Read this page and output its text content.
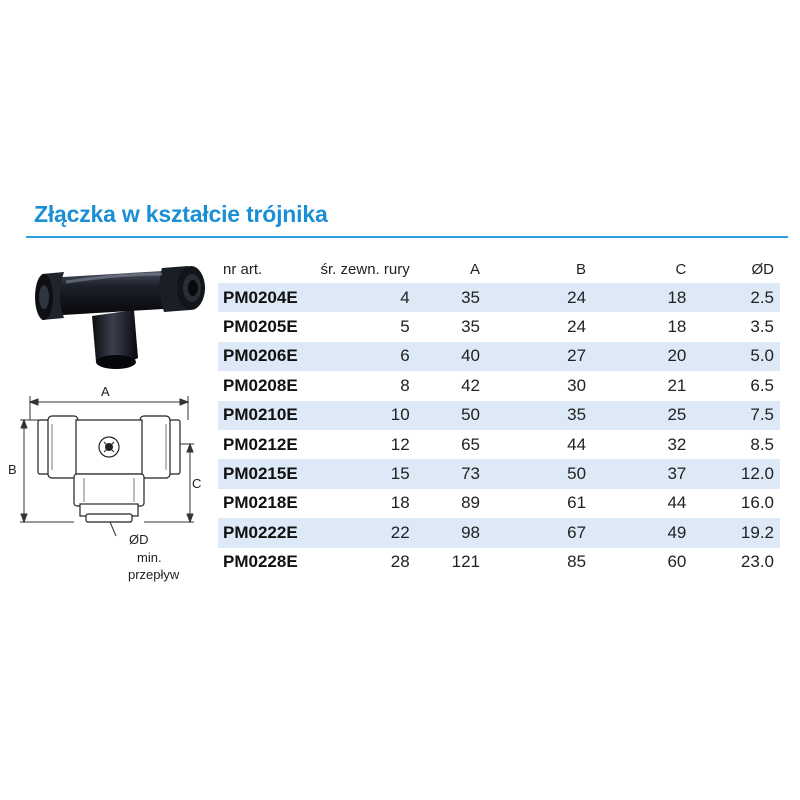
Złączka w kształcie trójnika
A
B
C
ØD
min.
przepływ
nr art.	śr. zewn. rury	A	B	C	ØD
PM0204E	4	35	24	18	2.5
PM0205E	5	35	24	18	3.5
PM0206E	6	40	27	20	5.0
PM0208E	8	42	30	21	6.5
PM0210E	10	50	35	25	7.5
PM0212E	12	65	44	32	8.5
PM0215E	15	73	50	37	12.0
PM0218E	18	89	61	44	16.0
PM0222E	22	98	67	49	19.2
PM0228E	28	121	85	60	23.0
